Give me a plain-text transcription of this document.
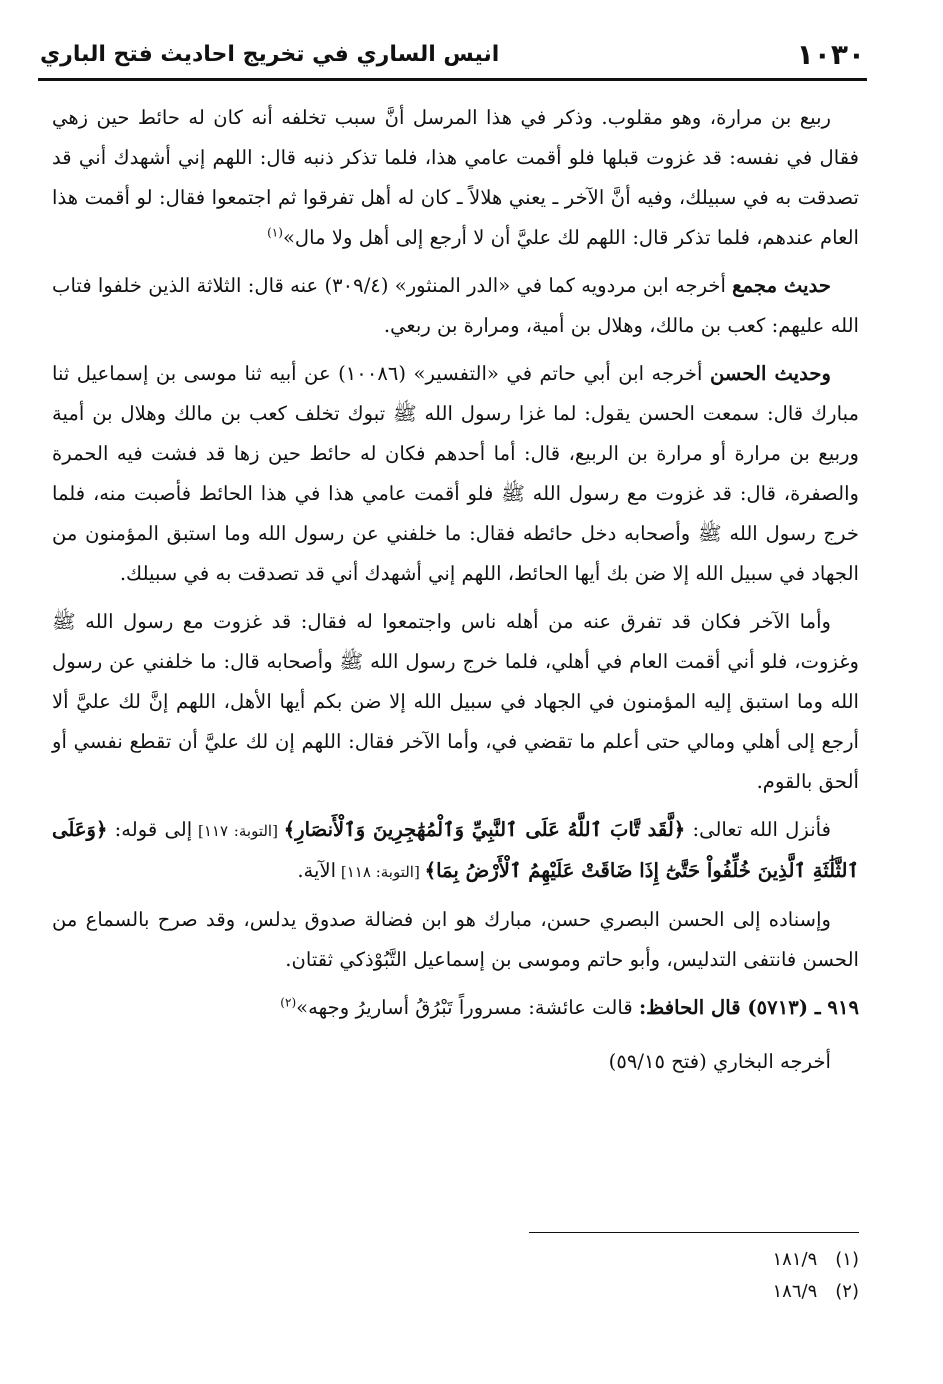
١٠٣٠
انيس الساري في تخريج احاديث فتح الباري

ربيع بن مرارة، وهو مقلوب. وذكر في هذا المرسل أنَّ سبب تخلفه أنه كان له حائط حين زهي فقال في نفسه: قد غزوت قبلها فلو أقمت عامي هذا، فلما تذكر ذنبه قال: اللهم إني أشهدك أني قد تصدقت به في سبيلك، وفيه أنَّ الآخر ـ يعني هلالاً ـ كان له أهل تفرقوا ثم اجتمعوا فقال: لو أقمت هذا العام عندهم، فلما تذكر قال: اللهم لك عليَّ أن لا أرجع إلى أهل ولا مال»$^{(١)}$

حديث مجمع أخرجه ابن مردويه كما في «الدر المنثور» (٣٠٩/٤) عنه قال: الثلاثة الذين خلفوا فتاب الله عليهم: كعب بن مالك، وهلال بن أمية، ومرارة بن ربعي.

وحديث الحسن أخرجه ابن أبي حاتم في «التفسير» (١٠٠٨٦) عن أبيه ثنا موسى بن إسماعيل ثنا مبارك قال: سمعت الحسن يقول: لما غزا رسول الله ﷺ تبوك تخلف كعب بن مالك وهلال بن أمية وربيع بن مرارة أو مرارة بن الربيع، قال: أما أحدهم فكان له حائط حين زها قد فشت فيه الحمرة والصفرة، قال: قد غزوت مع رسول الله ﷺ فلو أقمت عامي هذا في هذا الحائط فأصبت منه، فلما خرج رسول الله ﷺ وأصحابه دخل حائطه فقال: ما خلفني عن رسول الله وما استبق المؤمنون من الجهاد في سبيل الله إلا ضن بك أيها الحائط، اللهم إني أشهدك أني قد تصدقت به في سبيلك.

وأما الآخر فكان قد تفرق عنه من أهله ناس واجتمعوا له فقال: قد غزوت مع رسول الله ﷺ وغزوت، فلو أني أقمت العام في أهلي، فلما خرج رسول الله ﷺ وأصحابه قال: ما خلفني عن رسول الله وما استبق إليه المؤمنون في الجهاد في سبيل الله إلا ضن بكم أيها الأهل، اللهم إنَّ لك عليَّ ألا أرجع إلى أهلي ومالي حتى أعلم ما تقضي في، وأما الآخر فقال: اللهم إن لك عليَّ أن تقطع نفسي أو ألحق بالقوم.

فأنزل الله تعالى: ﴿لَّقَد تَّابَ ٱللَّهُ عَلَى ٱلنَّبِيِّ وَٱلْمُهَٰجِرِينَ وَٱلْأَنصَارِ﴾ [التوبة: ١١٧] إلى قوله: ﴿وَعَلَى ٱلثَّلَٰثَةِ ٱلَّذِينَ خُلِّفُواْ حَتَّىٰٓ إِذَا ضَاقَتْ عَلَيْهِمُ ٱلْأَرْضُ بِمَا﴾ [التوبة: ١١٨] الآية.

وإسناده إلى الحسن البصري حسن، مبارك هو ابن فضالة صدوق يدلس، وقد صرح بالسماع من الحسن فانتفى التدليس، وأبو حاتم وموسى بن إسماعيل التَّبُوْذكي ثقتان.

٩١٩ ـ (٥٧١٣) قال الحافظ: قالت عائشة: مسروراً تَبْرُقُ أساريرُ وجهه»$^{(٢)}$

أخرجه البخاري (فتح ٥٩/١٥)

(١)
١٨١/٩
(٢)
١٨٦/٩
